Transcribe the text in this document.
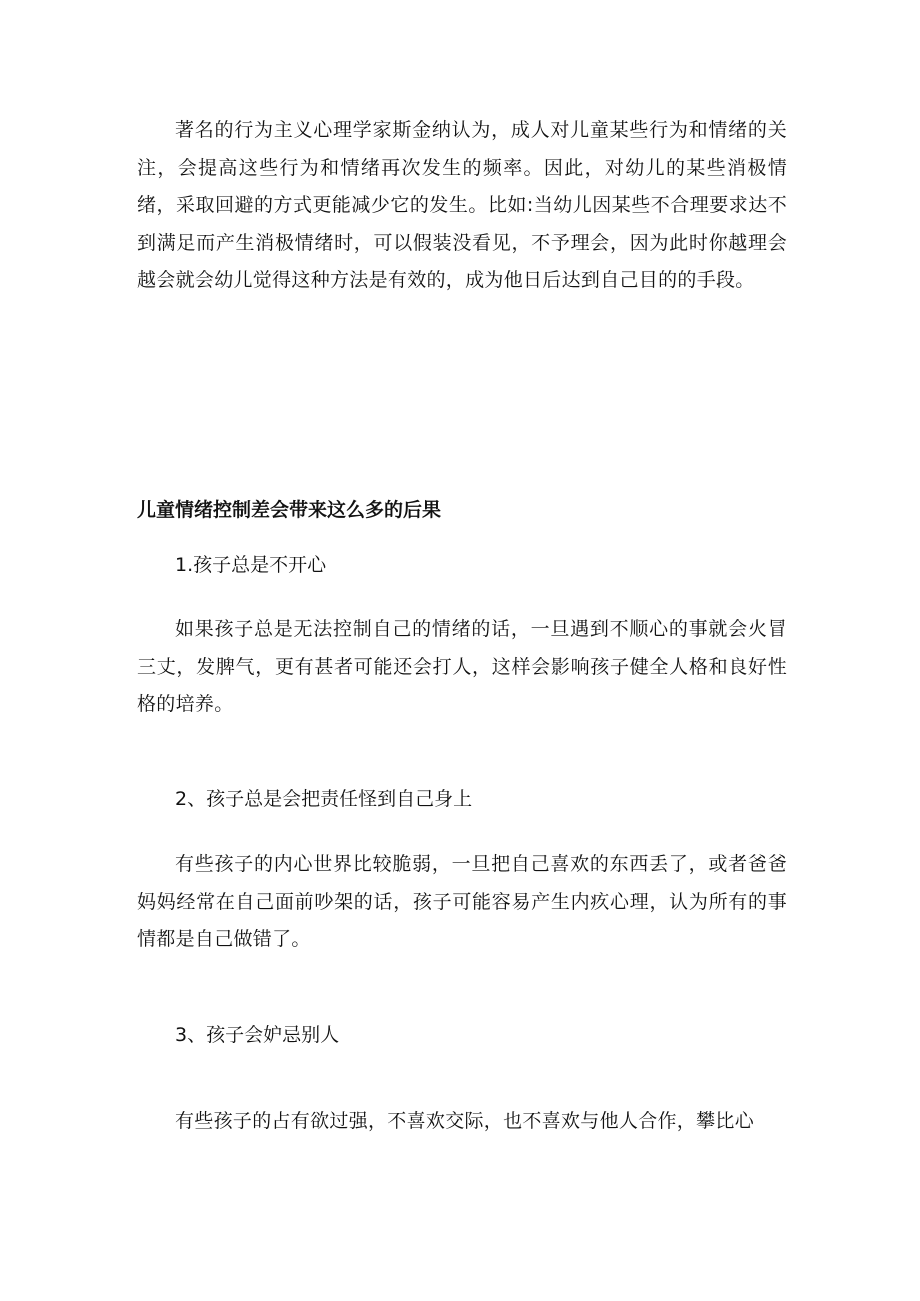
著名的行为主义心理学家斯金纳认为，成人对儿童某些行为和情绪的关注，会提高这些行为和情绪再次发生的频率。因此，对幼儿的某些消极情绪，采取回避的方式更能减少它的发生。比如:当幼儿因某些不合理要求达不到满足而产生消极情绪时，可以假装没看见，不予理会，因为此时你越理会越会就会幼儿觉得这种方法是有效的，成为他日后达到自己目的的手段。

儿童情绪控制差会带来这么多的后果
1.孩子总是不开心

如果孩子总是无法控制自己的情绪的话，一旦遇到不顺心的事就会火冒三丈，发脾气，更有甚者可能还会打人，这样会影响孩子健全人格和良好性格的培养。

2、孩子总是会把责任怪到自己身上

有些孩子的内心世界比较脆弱，一旦把自己喜欢的东西丢了，或者爸爸妈妈经常在自己面前吵架的话，孩子可能容易产生内疚心理，认为所有的事情都是自己做错了。

3、孩子会妒忌别人

有些孩子的占有欲过强，不喜欢交际，也不喜欢与他人合作，攀比心
